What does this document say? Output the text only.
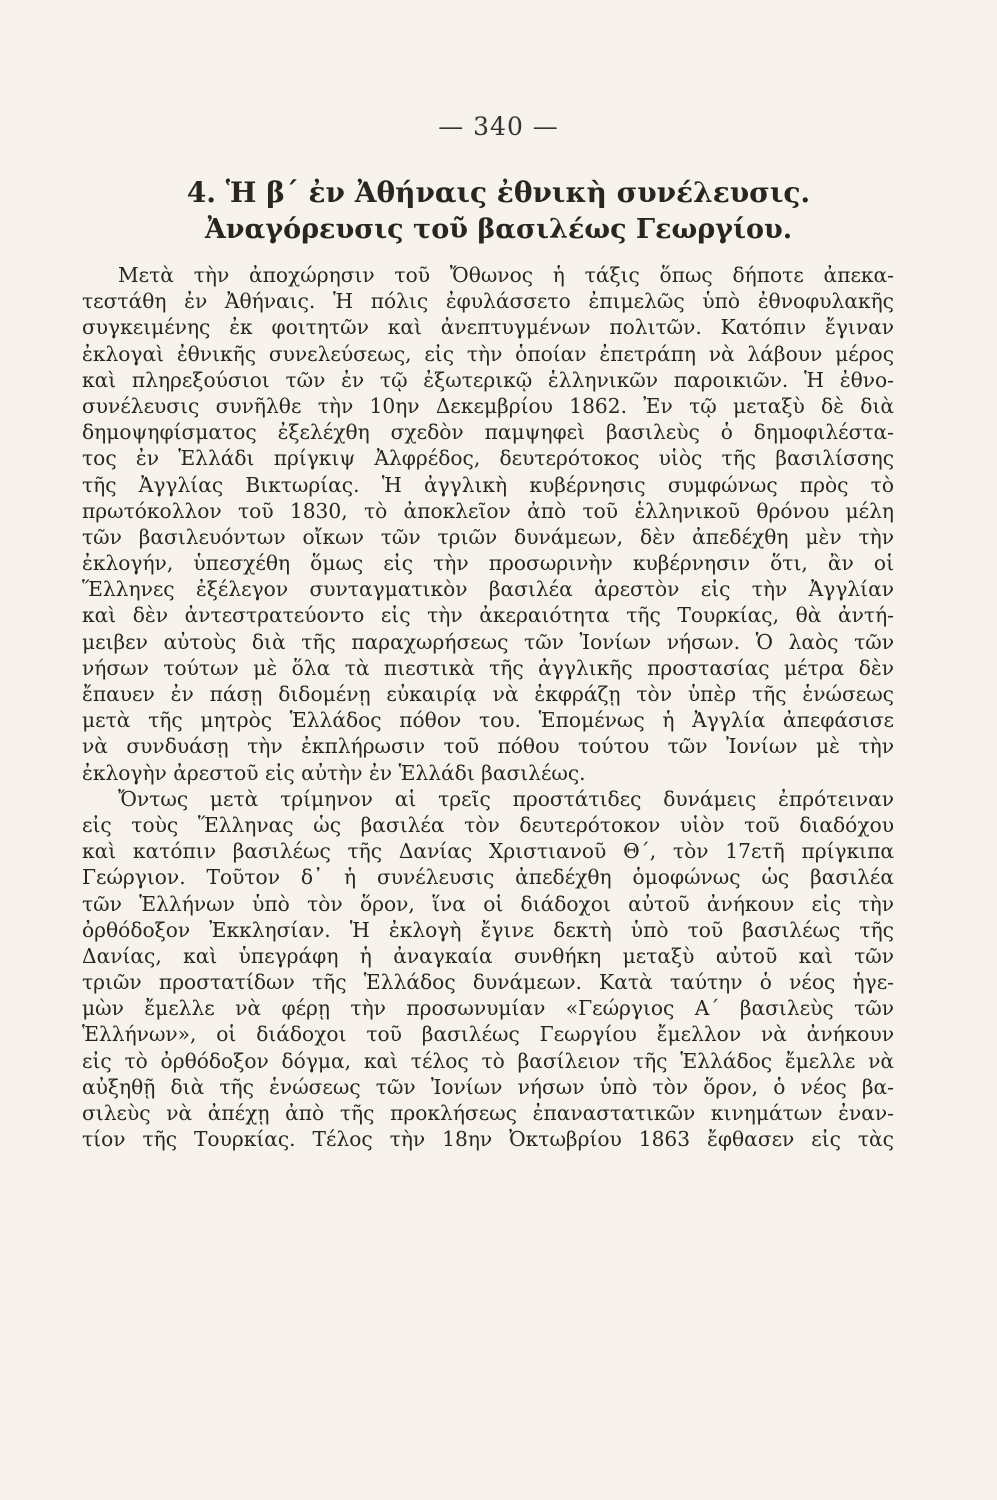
— 340 —
4. Ἡ β΄ ἐν Ἀθήναις ἐθνικὴ συνέλευσις.
Ἀναγόρευσις τοῦ βασιλέως Γεωργίου.
Μετὰ τὴν ἀποχώρησιν τοῦ Ὄθωνος ἡ τάξις ὅπως δήποτε ἀπεκα-
τεστάθη ἐν Ἀθήναις. Ἡ πόλις ἐφυλάσσετο ἐπιμελῶς ὑπὸ ἐθνοφυλακῆς
συγκειμένης ἐκ φοιτητῶν καὶ ἀνεπτυγμένων πολιτῶν. Κατόπιν ἔγιναν
ἐκλογαὶ ἐθνικῆς συνελεύσεως, εἰς τὴν ὁποίαν ἐπετράπη νὰ λάβουν μέρος
καὶ πληρεξούσιοι τῶν ἐν τῷ ἐξωτερικῷ ἑλληνικῶν παροικιῶν. Ἡ ἐθνο-
συνέλευσις συνῆλθε τὴν 10ην Δεκεμβρίου 1862. Ἐν τῷ μεταξὺ δὲ διὰ
δημοψηφίσματος ἐξελέχθη σχεδὸν παμψηφεὶ βασιλεὺς ὁ δημοφιλέστα-
τος ἐν Ἑλλάδι πρίγκιψ Ἀλφρέδος, δευτερότοκος υἱὸς τῆς βασιλίσσης
τῆς Ἀγγλίας Βικτωρίας. Ἡ ἀγγλικὴ κυβέρνησις συμφώνως πρὸς τὸ
πρωτόκολλον τοῦ 1830, τὸ ἀποκλεῖον ἀπὸ τοῦ ἑλληνικοῦ θρόνου μέλη
τῶν βασιλευόντων οἴκων τῶν τριῶν δυνάμεων, δὲν ἀπεδέχθη μὲν τὴν
ἐκλογήν, ὑπεσχέθη ὅμως εἰς τὴν προσωρινὴν κυβέρνησιν ὅτι, ἂν οἱ
Ἕλληνες ἐξέλεγον συνταγματικὸν βασιλέα ἀρεστὸν εἰς τὴν Ἀγγλίαν
καὶ δὲν ἀντεστρατεύοντο εἰς τὴν ἀκεραιότητα τῆς Τουρκίας, θὰ ἀντή-
μειβεν αὐτοὺς διὰ τῆς παραχωρήσεως τῶν Ἰονίων νήσων. Ὁ λαὸς τῶν
νήσων τούτων μὲ ὅλα τὰ πιεστικὰ τῆς ἀγγλικῆς προστασίας μέτρα δὲν
ἔπαυεν ἐν πάσῃ διδομένῃ εὐκαιρίᾳ νὰ ἐκφράζῃ τὸν ὑπὲρ τῆς ἑνώσεως
μετὰ τῆς μητρὸς Ἑλλάδος πόθον του. Ἑπομένως ἡ Ἀγγλία ἀπεφάσισε
νὰ συνδυάσῃ τὴν ἐκπλήρωσιν τοῦ πόθου τούτου τῶν Ἰονίων μὲ τὴν
ἐκλογὴν ἀρεστοῦ εἰς αὐτὴν ἐν Ἑλλάδι βασιλέως.
Ὄντως μετὰ τρίμηνον αἱ τρεῖς προστάτιδες δυνάμεις ἐπρότειναν
εἰς τοὺς Ἕλληνας ὡς βασιλέα τὸν δευτερότοκον υἱὸν τοῦ διαδόχου
καὶ κατόπιν βασιλέως τῆς Δανίας Χριστιανοῦ Θ΄, τὸν 17ετῆ πρίγκιπα
Γεώργιον. Τοῦτον δ᾽ ἡ συνέλευσις ἀπεδέχθη ὁμοφώνως ὡς βασιλέα
τῶν Ἑλλήνων ὑπὸ τὸν ὅρον, ἵνα οἱ διάδοχοι αὐτοῦ ἀνήκουν εἰς τὴν
ὀρθόδοξον Ἐκκλησίαν. Ἡ ἐκλογὴ ἔγινε δεκτὴ ὑπὸ τοῦ βασιλέως τῆς
Δανίας, καὶ ὑπεγράφη ἡ ἀναγκαία συνθήκη μεταξὺ αὐτοῦ καὶ τῶν
τριῶν προστατίδων τῆς Ἑλλάδος δυνάμεων. Κατὰ ταύτην ὁ νέος ἡγε-
μὼν ἔμελλε νὰ φέρῃ τὴν προσωνυμίαν «Γεώργιος Α΄ βασιλεὺς τῶν
Ἑλλήνων», οἱ διάδοχοι τοῦ βασιλέως Γεωργίου ἔμελλον νὰ ἀνήκουν
εἰς τὸ ὀρθόδοξον δόγμα, καὶ τέλος τὸ βασίλειον τῆς Ἑλλάδος ἔμελλε νὰ
αὐξηθῇ διὰ τῆς ἑνώσεως τῶν Ἰονίων νήσων ὑπὸ τὸν ὅρον, ὁ νέος βα-
σιλεὺς νὰ ἀπέχῃ ἀπὸ τῆς προκλήσεως ἐπαναστατικῶν κινημάτων ἐναν-
τίον τῆς Τουρκίας. Τέλος τὴν 18ην Ὀκτωβρίου 1863 ἔφθασεν εἰς τὰς
